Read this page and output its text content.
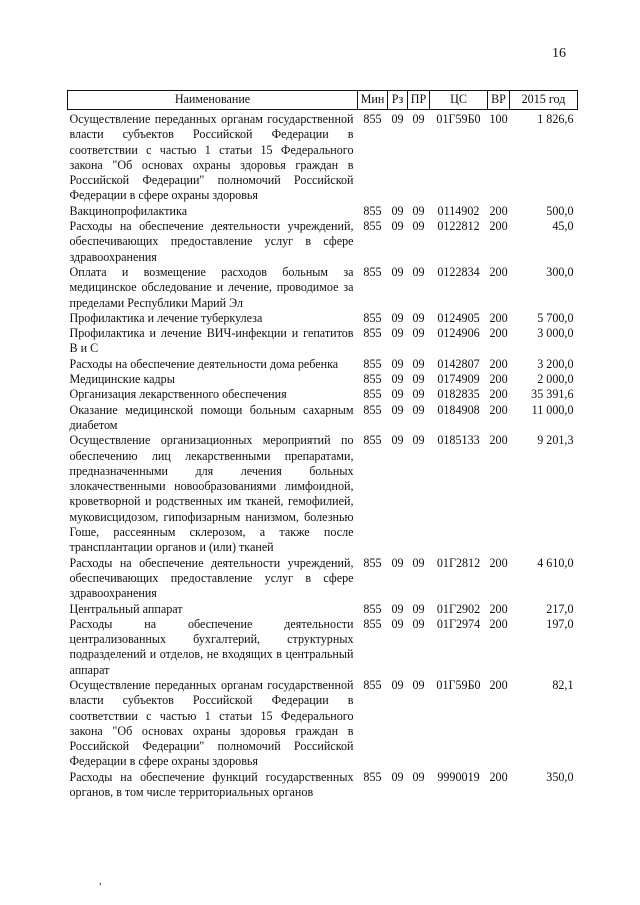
16
Наименование	Мин	Рз	ПР	ЦС	ВР	2015 год
Осуществление переданных органам государственной власти субъектов Российской Федерации в соответствии с частью 1 статьи 15 Федерального закона "Об основах охраны здоровья граждан в Российской Федерации" полномочий Российской Федерации в сфере охраны здоровья	855	09	09	01Г59Б0	100	1 826,6
Вакцинопрофилактика	855	09	09	0114902	200	500,0
Расходы на обеспечение деятельности учреждений, обеспечивающих предоставление услуг в сфере здравоохранения	855	09	09	0122812	200	45,0
Оплата и возмещение расходов больным за медицинское обследование и лечение, проводимое за пределами Республики Марий Эл	855	09	09	0122834	200	300,0
Профилактика и лечение туберкулеза	855	09	09	0124905	200	5 700,0
Профилактика и лечение ВИЧ-инфекции и гепатитов В и С	855	09	09	0124906	200	3 000,0
Расходы на обеспечение деятельности дома ребенка	855	09	09	0142807	200	3 200,0
Медицинские кадры	855	09	09	0174909	200	2 000,0
Организация лекарственного обеспечения	855	09	09	0182835	200	35 391,6
Оказание медицинской помощи больным сахарным диабетом	855	09	09	0184908	200	11 000,0
Осуществление организационных мероприятий по обеспечению лиц лекарственными препаратами, предназначенными для лечения больных злокачественными новообразованиями лимфоидной, кроветворной и родственных им тканей, гемофилией, муковисцидозом, гипофизарным нанизмом, болезнью Гоше, рассеянным склерозом, а также после трансплантации органов и (или) тканей	855	09	09	0185133	200	9 201,3
Расходы на обеспечение деятельности учреждений, обеспечивающих предоставление услуг в сфере здравоохранения	855	09	09	01Г2812	200	4 610,0
Центральный аппарат	855	09	09	01Г2902	200	217,0
Расходы на обеспечение деятельности централизованных бухгалтерий, структурных подразделений и отделов, не входящих в центральный аппарат	855	09	09	01Г2974	200	197,0
Осуществление переданных органам государственной власти субъектов Российской Федерации в соответствии с частью 1 статьи 15 Федерального закона "Об основах охраны здоровья граждан в Российской Федерации" полномочий Российской Федерации в сфере охраны здоровья	855	09	09	01Г59Б0	200	82,1
Расходы на обеспечение функций государственных органов, в том числе территориальных органов	855	09	09	9990019	200	350,0
,
